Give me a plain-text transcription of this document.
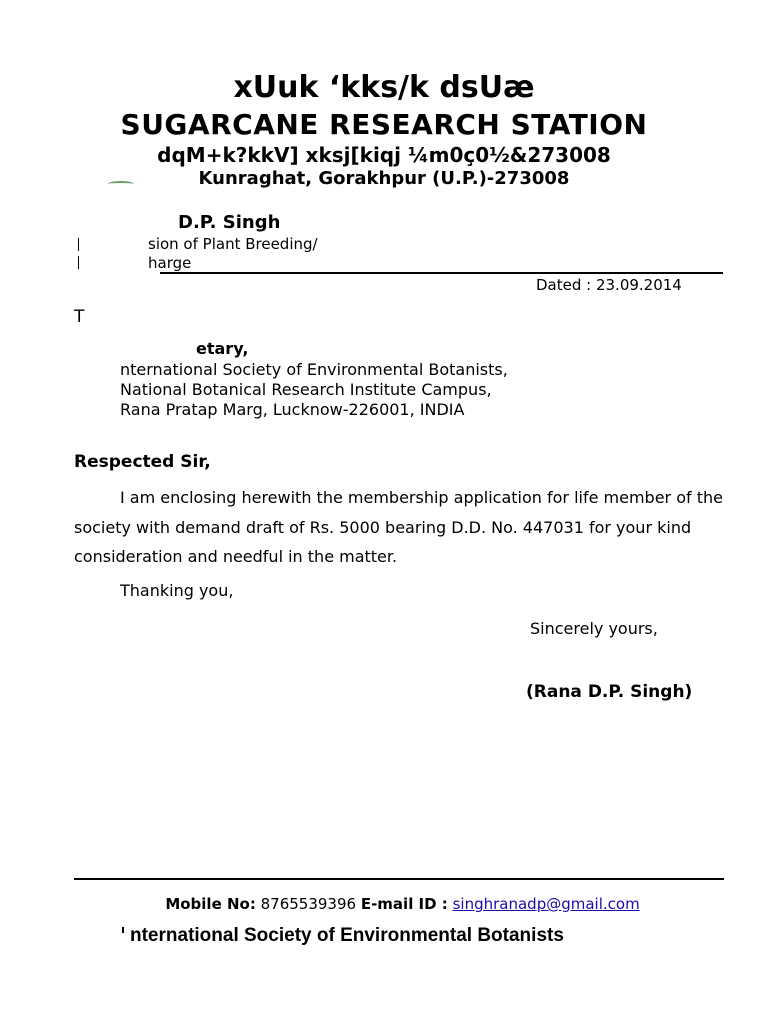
xUuk ‘kks/k dsUæ
SUGARCANE RESEARCH STATION
dqM+k?kkV] xksj[kiqj ¼m0ç0½&273008
Kunraghat, Gorakhpur (U.P.)-273008
D.P. Singh
sion of Plant Breeding/
harge
Dated : 23.09.2014
T
etary,
nternational Society of Environmental Botanists,
National Botanical Research Institute Campus,
Rana Pratap Marg, Lucknow-226001, INDIA
Respected Sir,
I am enclosing herewith the membership application for life member of the society with demand draft of Rs. 5000 bearing D.D. No. 447031 for your kind consideration and needful in the matter.
Thanking you,
Sincerely yours,
(Rana D.P. Singh)
Mobile No: 8765539396 E-mail ID : singhranadp@gmail.com
nternational Society of Environmental Botanists
